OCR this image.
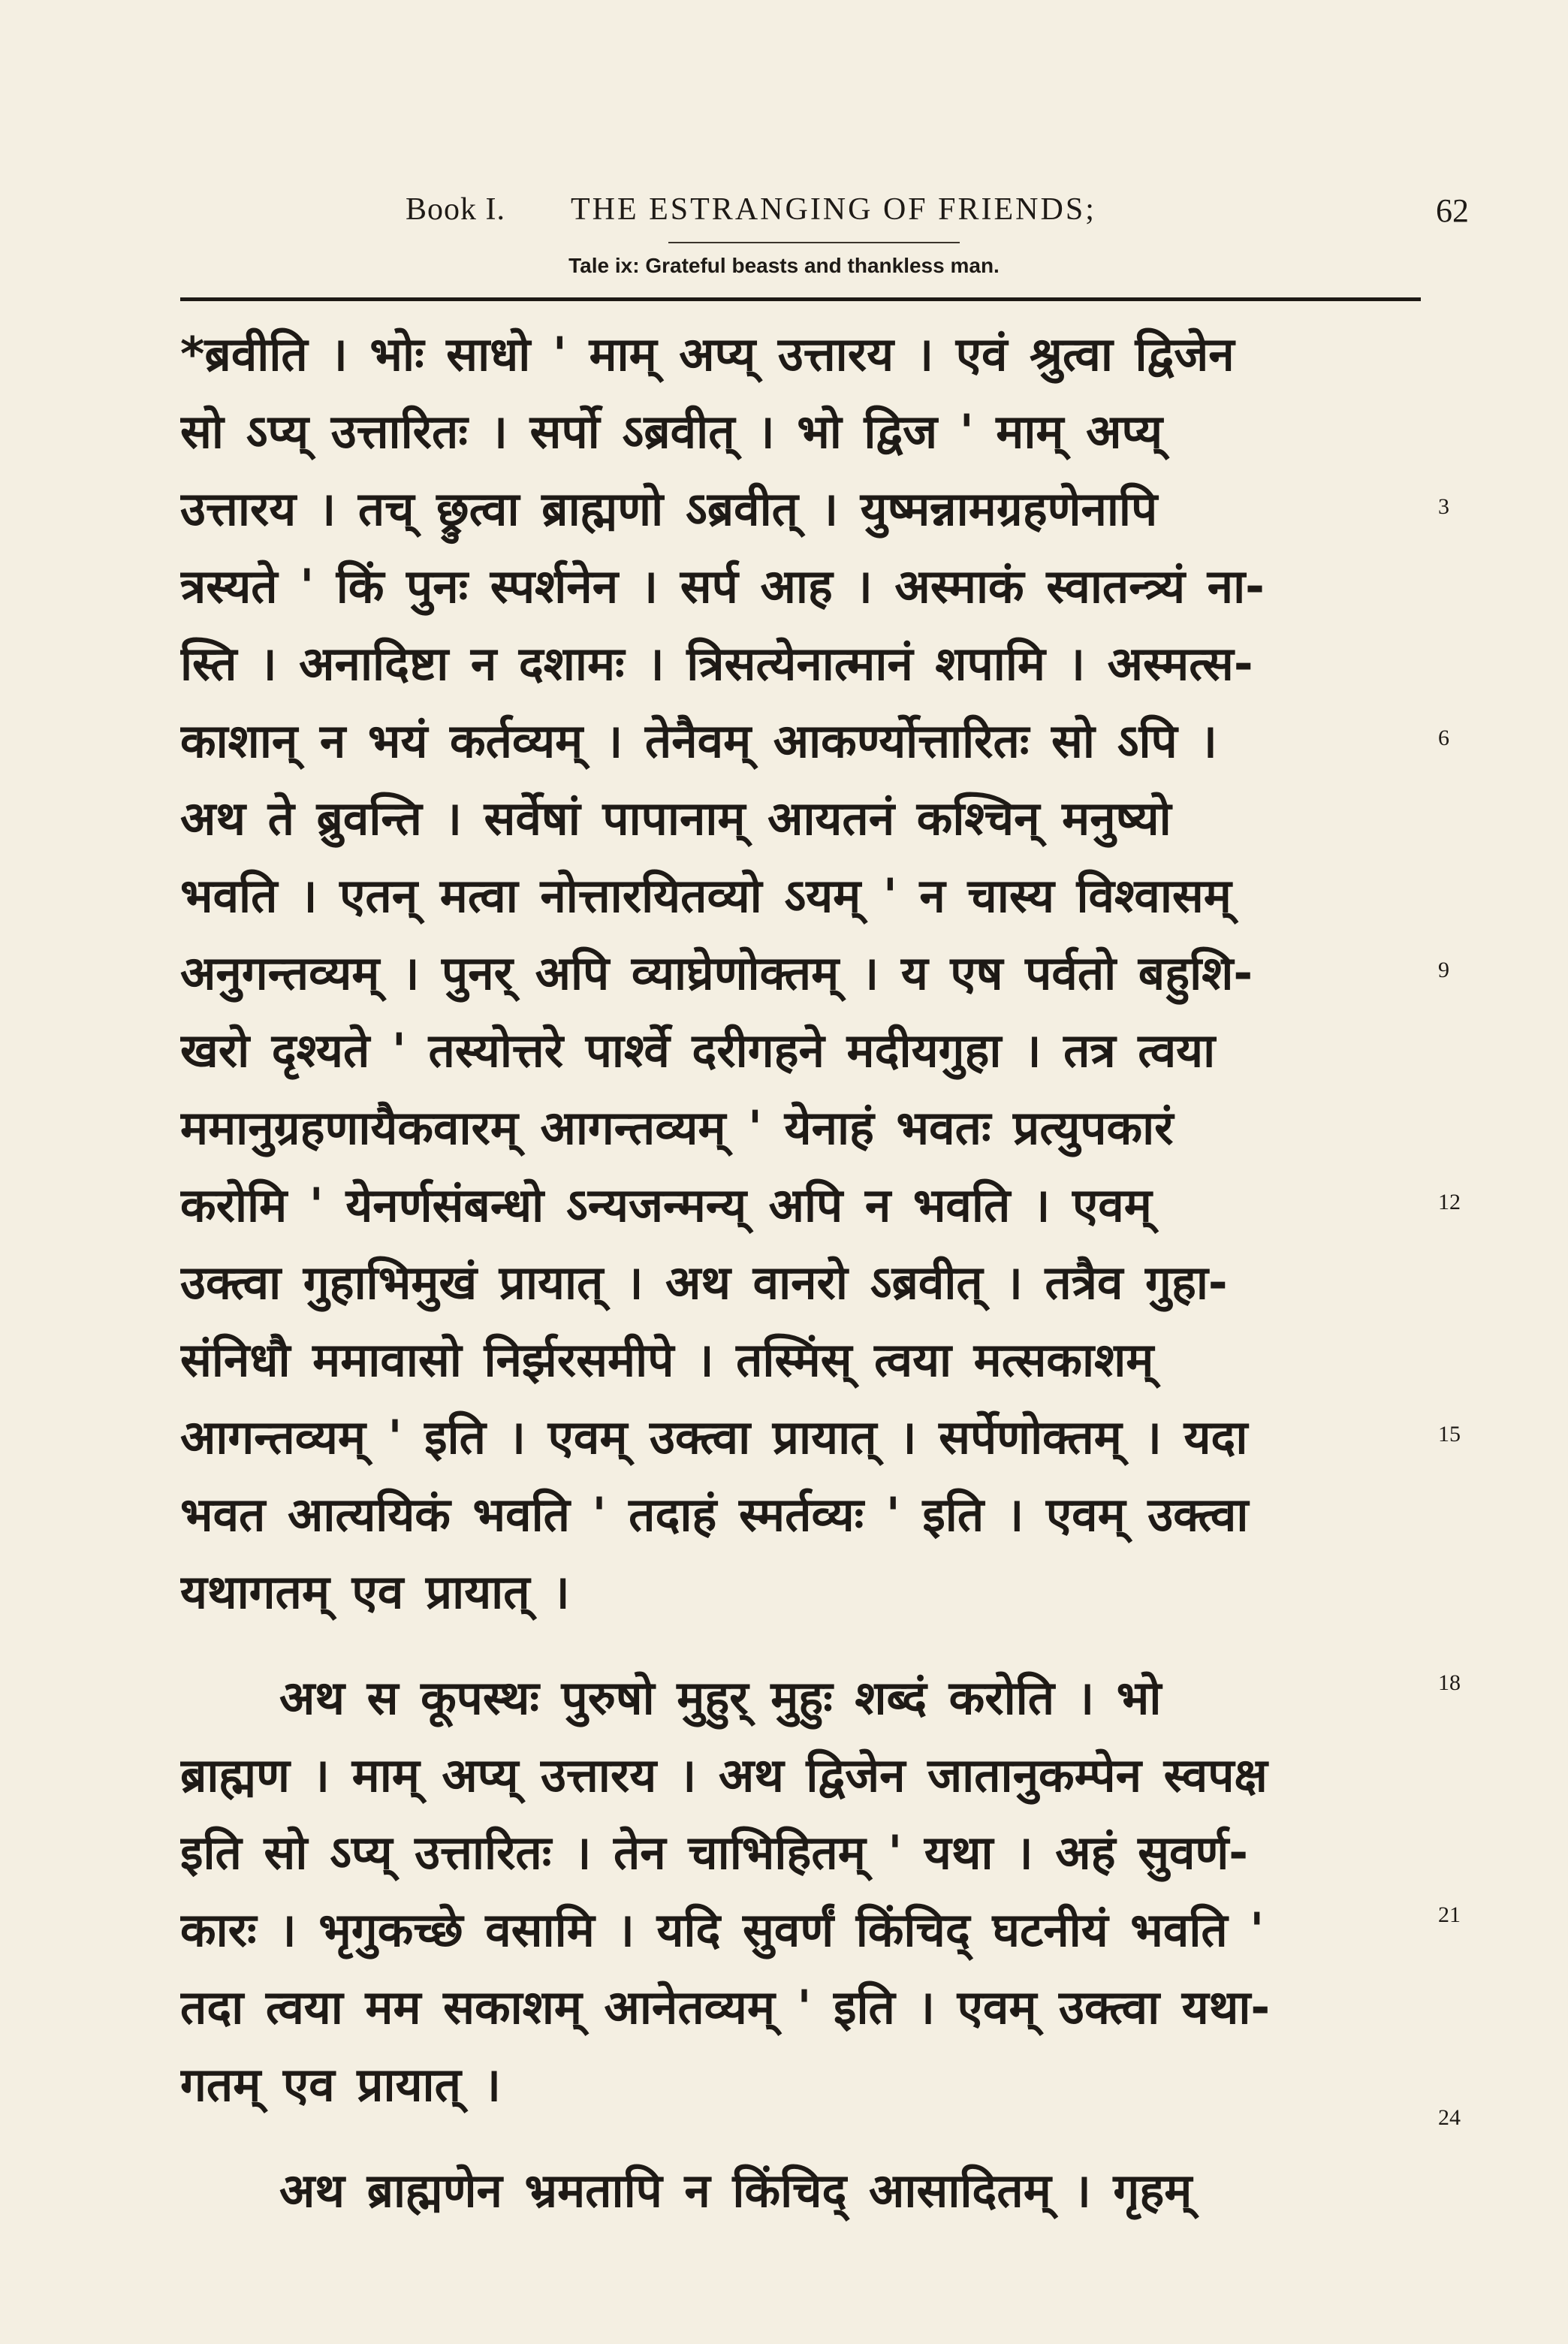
Book I. THE ESTRANGING OF FRIENDS;	62
Tale ix: Grateful beasts and thankless man.
*ब्रवीति । भोः साधो ' माम् अप्य् उत्तारय । एवं श्रुत्वा द्विजेन
सो ऽप्य् उत्तारितः । सर्पो ऽब्रवीत् । भो द्विज ' माम् अप्य्
उत्तारय । तच् छ्रुत्वा ब्राह्मणो ऽब्रवीत् । युष्मन्नामग्रहणेनापि
त्रस्यते ' किं पुनः स्पर्शनेन । सर्प आह । अस्माकं स्वातन्त्र्यं ना-
स्ति । अनादिष्टा न दशामः । त्रिसत्येनात्मानं शपामि । अस्मत्स-
काशान् न भयं कर्तव्यम् । तेनैवम् आकर्ण्योत्तारितः सो ऽपि ।
अथ ते ब्रुवन्ति । सर्वेषां पापानाम् आयतनं कश्चिन् मनुष्यो
भवति । एतन् मत्वा नोत्तारयितव्यो ऽयम् ' न चास्य विश्वासम्
अनुगन्तव्यम् । पुनर् अपि व्याघ्रेणोक्तम् । य एष पर्वतो बहुशि-
खरो दृश्यते ' तस्योत्तरे पार्श्वे दरीगहने मदीयगुहा । तत्र त्वया
ममानुग्रहणायैकवारम् आगन्तव्यम् ' येनाहं भवतः प्रत्युपकारं
करोमि ' येनर्णसंबन्धो ऽन्यजन्मन्य् अपि न भवति । एवम्
उक्त्वा गुहाभिमुखं प्रायात् । अथ वानरो ऽब्रवीत् । तत्रैव गुहा-
संनिधौ ममावासो निर्झरसमीपे । तस्मिंस् त्वया मत्सकाशम्
आगन्तव्यम् ' इति । एवम् उक्त्वा प्रायात् । सर्पेणोक्तम् । यदा
भवत आत्ययिकं भवति ' तदाहं स्मर्तव्यः ' इति । एवम् उक्त्वा
यथागतम् एव प्रायात् ।
अथ स कूपस्थः पुरुषो मुहुर् मुहुः शब्दं करोति । भो
ब्राह्मण । माम् अप्य् उत्तारय । अथ द्विजेन जातानुकम्पेन स्वपक्ष
इति सो ऽप्य् उत्तारितः । तेन चाभिहितम् ' यथा । अहं सुवर्ण-
कारः । भृगुकच्छे वसामि । यदि सुवर्णं किंचिद् घटनीयं भवति '
तदा त्वया मम सकाशम् आनेतव्यम् ' इति । एवम् उक्त्वा यथा-
गतम् एव प्रायात् ।
अथ ब्राह्मणेन भ्रमतापि न किंचिद् आसादितम् । गृहम्
3
6
9
12
15
18
21
24
